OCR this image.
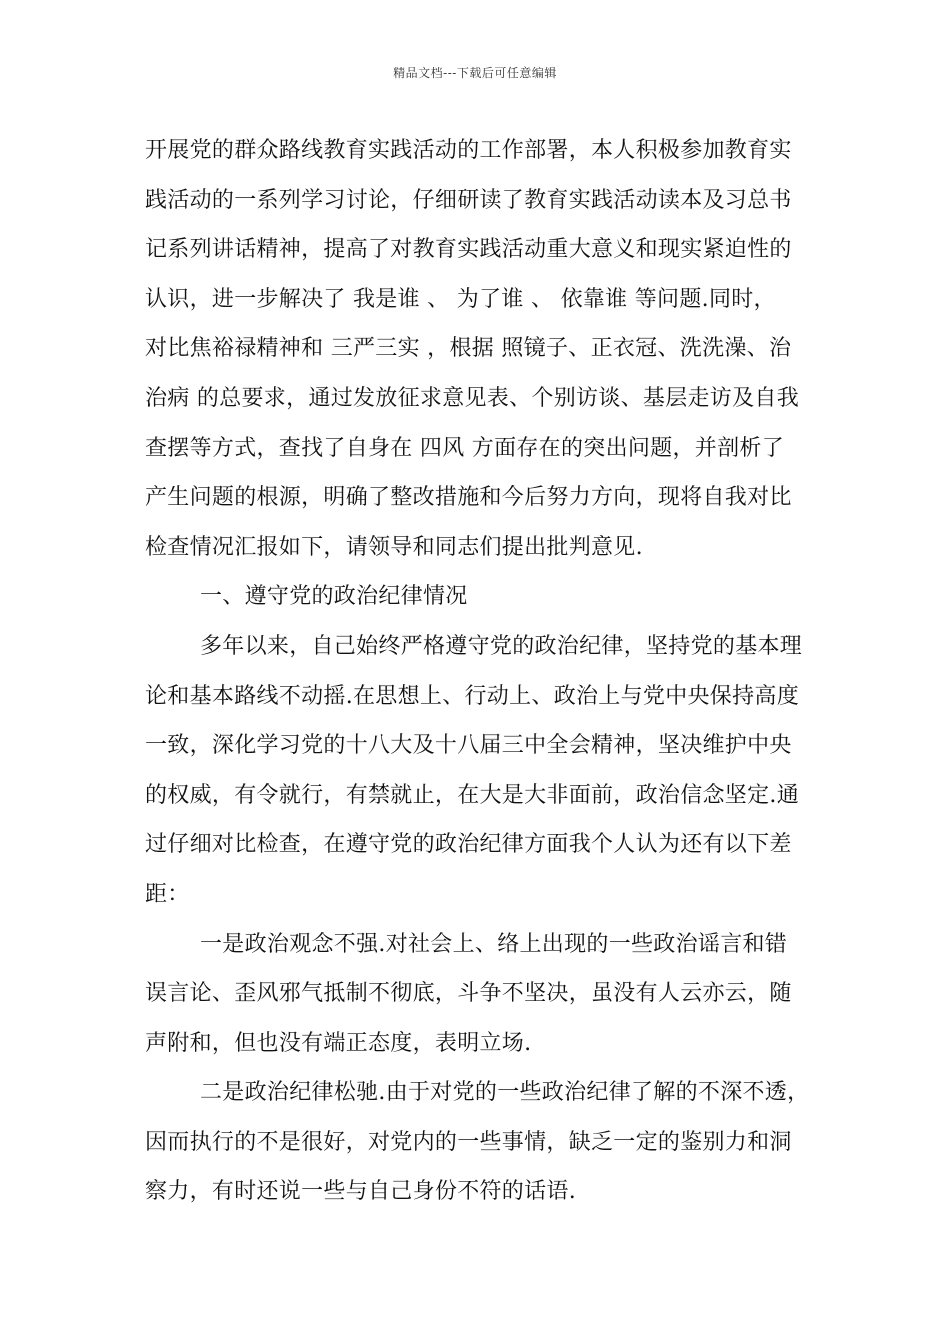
精品文档---下载后可任意编辑
开展党的群众路线教育实践活动的工作部署，本人积极参加教育实
践活动的一系列学习讨论，仔细研读了教育实践活动读本及习总书
记系列讲话精神，提高了对教育实践活动重大意义和现实紧迫性的
认识，进一步解决了 我是谁 、 为了谁 、 依靠谁 等问题.同时，
对比焦裕禄精神和 三严三实 ，根据 照镜子、正衣冠、洗洗澡、治
治病 的总要求，通过发放征求意见表、个别访谈、基层走访及自我
查摆等方式，查找了自身在 四风 方面存在的突出问题，并剖析了
产生问题的根源，明确了整改措施和今后努力方向，现将自我对比
检查情况汇报如下，请领导和同志们提出批判意见.
一、遵守党的政治纪律情况
多年以来，自己始终严格遵守党的政治纪律，坚持党的基本理
论和基本路线不动摇.在思想上、行动上、政治上与党中央保持高度
一致，深化学习党的十八大及十八届三中全会精神，坚决维护中央
的权威，有令就行，有禁就止，在大是大非面前，政治信念坚定.通
过仔细对比检查，在遵守党的政治纪律方面我个人认为还有以下差
距：
一是政治观念不强.对社会上、络上出现的一些政治谣言和错
误言论、歪风邪气抵制不彻底，斗争不坚决，虽没有人云亦云，随
声附和，但也没有端正态度，表明立场.
二是政治纪律松驰.由于对党的一些政治纪律了解的不深不透，
因而执行的不是很好，对党内的一些事情，缺乏一定的鉴别力和洞
察力，有时还说一些与自己身份不符的话语.
